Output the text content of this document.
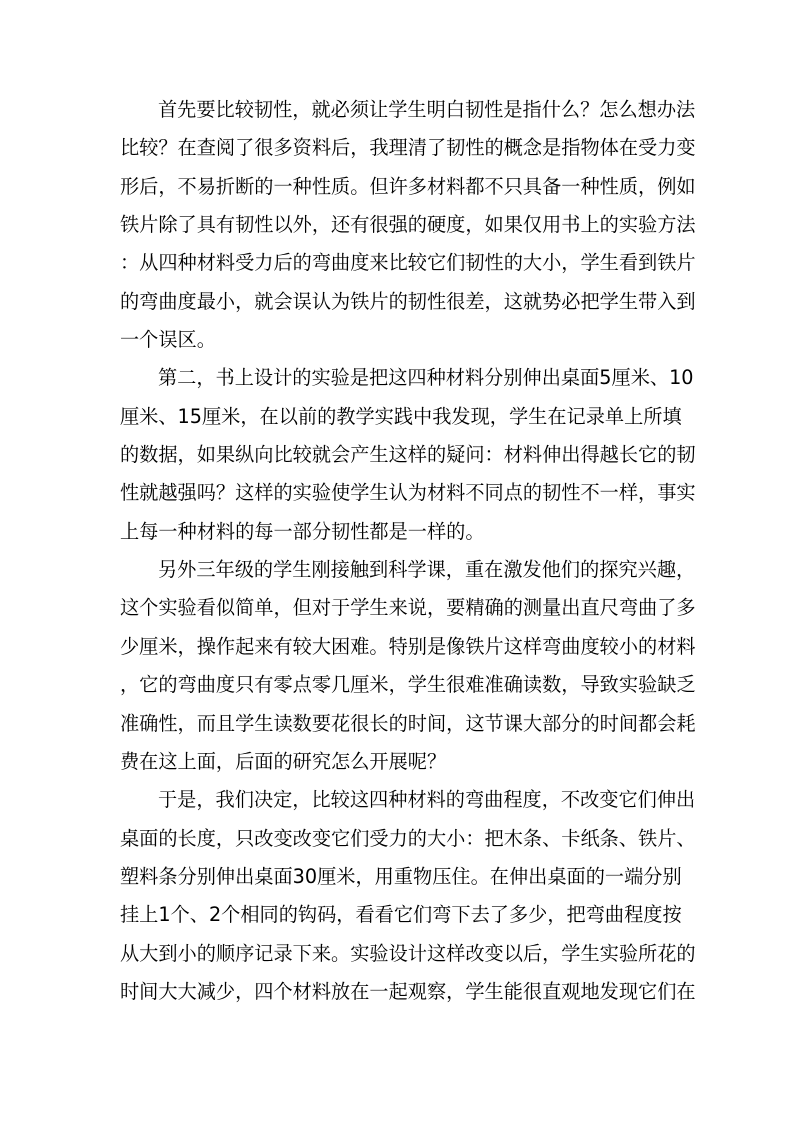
首先要比较韧性，就必须让学生明白韧性是指什么？怎么想办法
比较？在查阅了很多资料后，我理清了韧性的概念是指物体在受力变
形后，不易折断的一种性质。但许多材料都不只具备一种性质，例如
铁片除了具有韧性以外，还有很强的硬度，如果仅用书上的实验方法
：从四种材料受力后的弯曲度来比较它们韧性的大小，学生看到铁片
的弯曲度最小，就会误认为铁片的韧性很差，这就势必把学生带入到
一个误区。
第二，书上设计的实验是把这四种材料分别伸出桌面5厘米、10
厘米、15厘米，在以前的教学实践中我发现，学生在记录单上所填
的数据，如果纵向比较就会产生这样的疑问：材料伸出得越长它的韧
性就越强吗？这样的实验使学生认为材料不同点的韧性不一样，事实
上每一种材料的每一部分韧性都是一样的。
另外三年级的学生刚接触到科学课，重在激发他们的探究兴趣，
这个实验看似简单，但对于学生来说，要精确的测量出直尺弯曲了多
少厘米，操作起来有较大困难。特别是像铁片这样弯曲度较小的材料
，它的弯曲度只有零点零几厘米，学生很难准确读数，导致实验缺乏
准确性，而且学生读数要花很长的时间，这节课大部分的时间都会耗
费在这上面，后面的研究怎么开展呢？
于是，我们决定，比较这四种材料的弯曲程度，不改变它们伸出
桌面的长度，只改变改变它们受力的大小：把木条、卡纸条、铁片、
塑料条分别伸出桌面30厘米，用重物压住。在伸出桌面的一端分别
挂上1个、2个相同的钩码，看看它们弯下去了多少，把弯曲程度按
从大到小的顺序记录下来。实验设计这样改变以后，学生实验所花的
时间大大减少，四个材料放在一起观察，学生能很直观地发现它们在
